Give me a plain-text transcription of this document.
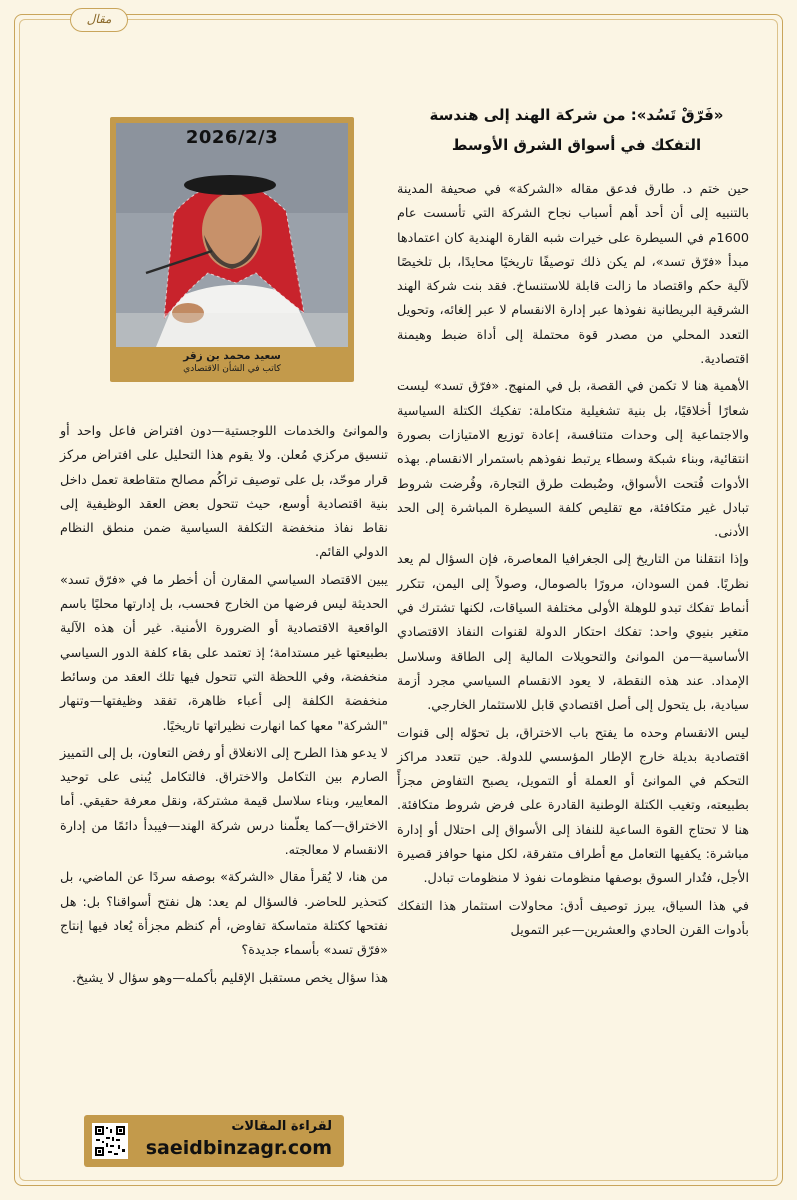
مقال
«فَرّقْ تَسُد»: من شركة الهند إلى هندسة التفكك في أسواق الشرق الأوسط

حين ختم د. طارق فدعق مقاله «الشركة» في صحيفة المدينة بالتنبيه إلى أن أحد أهم أسباب نجاح الشركة التي تأسست عام 1600م في السيطرة على خيرات شبه القارة الهندية كان اعتمادها مبدأ «فرّق تسد»، لم يكن ذلك توصيفًا تاريخيًا محايدًا، بل تلخيصًا لآلية حكم واقتصاد ما زالت قابلة للاستنساخ. فقد بنت شركة الهند الشرقية البريطانية نفوذها عبر إدارة الانقسام لا عبر إلغائه، وتحويل التعدد المحلي من مصدر قوة محتملة إلى أداة ضبط وهيمنة اقتصادية.

الأهمية هنا لا تكمن في القصة، بل في المنهج. «فرّق تسد» ليست شعارًا أخلاقيًا، بل بنية تشغيلية متكاملة: تفكيك الكتلة السياسية والاجتماعية إلى وحدات متنافسة، إعادة توزيع الامتيازات بصورة انتقائية، وبناء شبكة وسطاء يرتبط نفوذهم باستمرار الانقسام. بهذه الأدوات فُتحت الأسواق، وضُبطت طرق التجارة، وفُرضت شروط تبادل غير متكافئة، مع تقليص كلفة السيطرة المباشرة إلى الحد الأدنى.

وإذا انتقلنا من التاريخ إلى الجغرافيا المعاصرة، فإن السؤال لم يعد نظريًا. فمن السودان، مرورًا بالصومال، وصولاً إلى اليمن، تتكرر أنماط تفكك تبدو للوهلة الأولى مختلفة السياقات، لكنها تشترك في متغير بنيوي واحد: تفكك احتكار الدولة لقنوات النفاذ الاقتصادي الأساسية—من الموانئ والتحويلات المالية إلى الطاقة وسلاسل الإمداد. عند هذه النقطة، لا يعود الانقسام السياسي مجرد أزمة سيادية، بل يتحول إلى أصل اقتصادي قابل للاستثمار الخارجي.

ليس الانقسام وحده ما يفتح باب الاختراق، بل تحوّله إلى قنوات اقتصادية بديلة خارج الإطار المؤسسي للدولة. حين تتعدد مراكز التحكم في الموانئ أو العملة أو التمويل، يصبح التفاوض مجزأً بطبيعته، وتغيب الكتلة الوطنية القادرة على فرض شروط متكافئة. هنا لا تحتاج القوة الساعية للنفاذ إلى الأسواق إلى احتلال أو إدارة مباشرة: يكفيها التعامل مع أطراف متفرقة، لكل منها حوافز قصيرة الأجل، فتُدار السوق بوصفها منظومات نفوذ لا منظومات تبادل.

في هذا السياق، يبرز توصيف أدق: محاولات استثمار هذا التفكك بأدوات القرن الحادي والعشرين—عبر التمويل

2026/2/3
سعيد محمد بن زقر
كاتب في الشأن الاقتصادي

والموانئ والخدمات اللوجستية—دون افتراض فاعل واحد أو تنسيق مركزي مُعلن. ولا يقوم هذا التحليل على افتراض مركز قرار موحّد، بل على توصيف تراكُم مصالح متقاطعة تعمل داخل بنية اقتصادية أوسع، حيث تتحول بعض العقد الوظيفية إلى نقاط نفاذ منخفضة التكلفة السياسية ضمن منطق النظام الدولي القائم.

يبين الاقتصاد السياسي المقارن أن أخطر ما في «فرّق تسد» الحديثة ليس فرضها من الخارج فحسب، بل إدارتها محليًا باسم الواقعية الاقتصادية أو الضرورة الأمنية. غير أن هذه الآلية بطبيعتها غير مستدامة؛ إذ تعتمد على بقاء كلفة الدور السياسي منخفضة، وفي اللحظة التي تتحول فيها تلك العقد من وسائط منخفضة الكلفة إلى أعباء ظاهرة، تفقد وظيفتها—وتنهار "الشركة" معها كما انهارت نظيراتها تاريخيًا.

لا يدعو هذا الطرح إلى الانغلاق أو رفض التعاون، بل إلى التمييز الصارم بين التكامل والاختراق. فالتكامل يُبنى على توحيد المعايير، وبناء سلاسل قيمة مشتركة، ونقل معرفة حقيقي. أما الاختراق—كما يعلّمنا درس شركة الهند—فيبدأ دائمًا من إدارة الانقسام لا معالجته.

من هنا، لا يُقرأ مقال «الشركة» بوصفه سردًا عن الماضي، بل كتحذير للحاضر. فالسؤال لم يعد: هل نفتح أسواقنا؟ بل: هل نفتحها ككتلة متماسكة تفاوض، أم كنظم مجزأة يُعاد فيها إنتاج «فرّق تسد» بأسماء جديدة؟

هذا سؤال يخص مستقبل الإقليم بأكمله—وهو سؤال لا يشيخ.

لقراءة المقالات
saeidbinzagr.com
